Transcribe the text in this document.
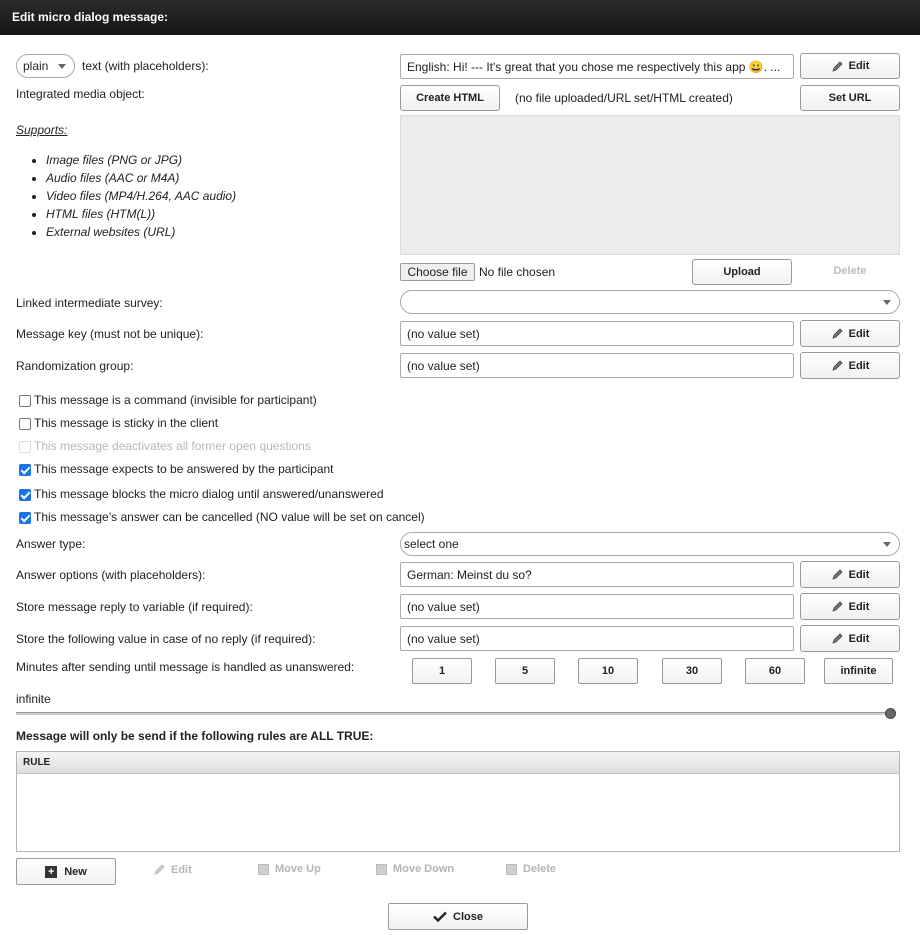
Edit micro dialog message:
plain	text (with placeholders):	English: Hi! --- It's great that you chose me respectively this app 😀. ...	Edit
Integrated media object:	Create HTML	(no file uploaded/URL set/HTML created)	Set URL
Supports:
• Image files (PNG or JPG)
• Audio files (AAC or M4A)
• Video files (MP4/H.264, AAC audio)
• HTML files (HTM(L))
• External websites (URL)
Choose file No file chosen	Upload	Delete
Linked intermediate survey:
Message key (must not be unique):	(no value set)	Edit
Randomization group:	(no value set)	Edit
This message is a command (invisible for participant)
This message is sticky in the client
This message deactivates all former open questions
This message expects to be answered by the participant
This message blocks the micro dialog until answered/unanswered
This message’s answer can be cancelled (NO value will be set on cancel)
Answer type:	select one
Answer options (with placeholders):	German: Meinst du so?	Edit
Store message reply to variable (if required):	(no value set)	Edit
Store the following value in case of no reply (if required):	(no value set)	Edit
Minutes after sending until message is handled as unanswered:	1	5	10	30	60	infinite
infinite
Message will only be send if the following rules are ALL TRUE:
RULE
+ New	Edit	Move Up	Move Down	Delete
Close
